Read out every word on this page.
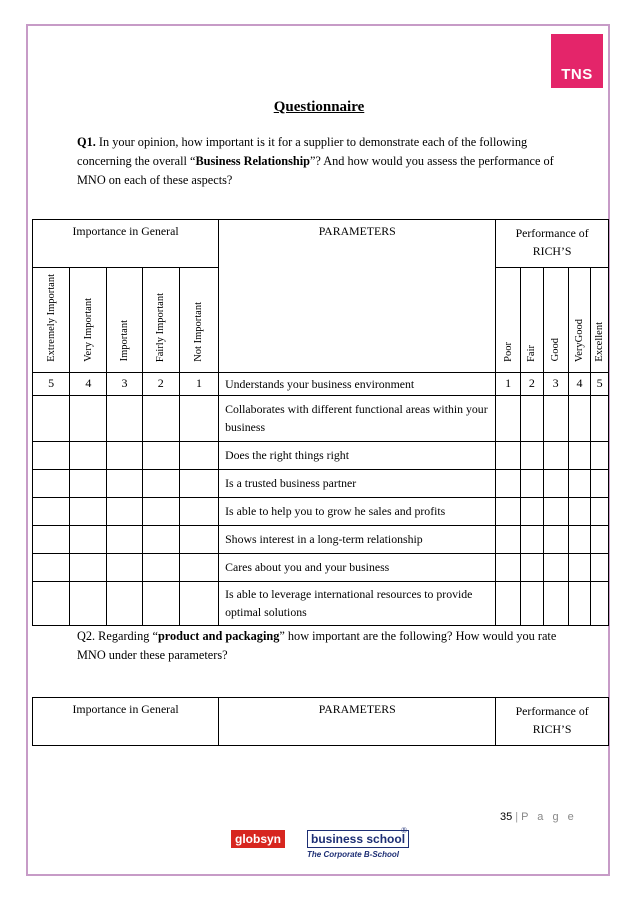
TNS
Questionnaire
Q1. In your opinion, how important is it for a supplier to demonstrate each of the following concerning the overall “Business Relationship”? And how would you assess the performance of MNO on each of these aspects?
Importance in General					PARAMETERS	Performance of RICH’S				
Extremely Important	Very Important	Important	Fairly Important	Not Important		Poor	Fair	Good	VeryGood	Excellent
5	4	3	2	1	Understands your business environment	1	2	3	4	5
					Collaborates with different functional areas within your business					
					Does the right things right					
					Is a trusted business partner					
					Is able to help you to grow he sales and profits					
					Shows interest in a long-term relationship					
					Cares about you and your business					
					Is able to leverage international resources to provide optimal solutions					
Q2. Regarding “product and packaging” how important are the following? How would you rate MNO under these parameters?
Importance in General	PARAMETERS	Performance of RICH’S
35 | P a g e
globsyn	business school
®
The Corporate B-School
